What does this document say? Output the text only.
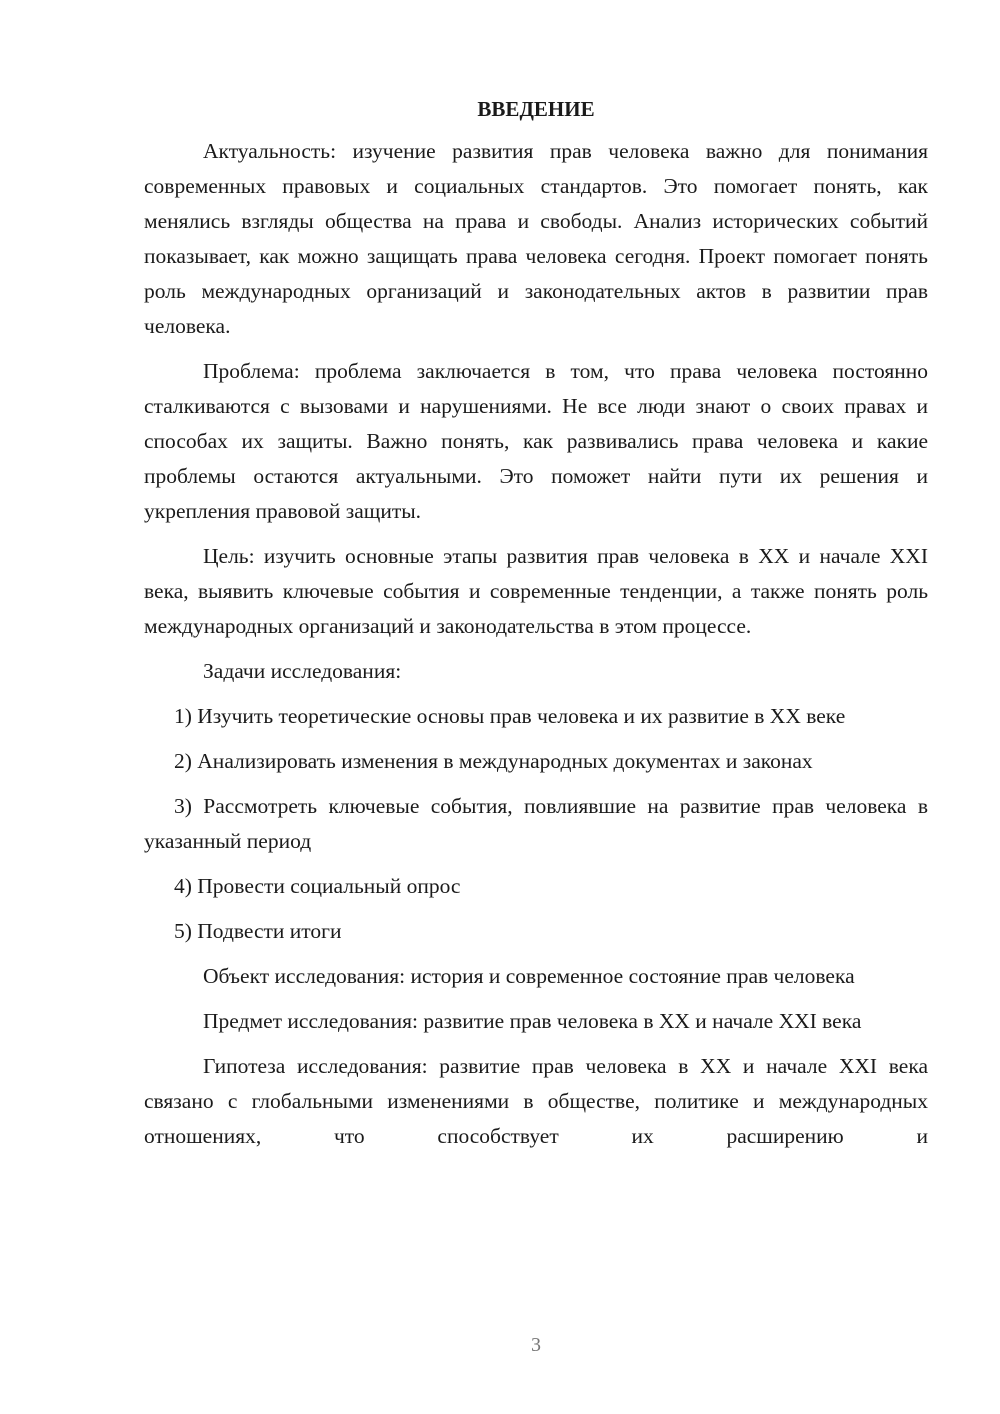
ВВЕДЕНИЕ

Актуальность: изучение развития прав человека важно для понимания современных правовых и социальных стандартов. Это помогает понять, как менялись взгляды общества на права и свободы. Анализ исторических событий показывает, как можно защищать права человека сегодня. Проект помогает понять роль международных организаций и законодательных актов в развитии прав человека.

Проблема: проблема заключается в том, что права человека постоянно сталкиваются с вызовами и нарушениями. Не все люди знают о своих правах и способах их защиты. Важно понять, как развивались права человека и какие проблемы остаются актуальными. Это поможет найти пути их решения и укрепления правовой защиты.

Цель: изучить основные этапы развития прав человека в XX и начале XXI века, выявить ключевые события и современные тенденции, а также понять роль международных организаций и законодательства в этом процессе.

Задачи исследования:

1) Изучить теоретические основы прав человека и их развитие в XX веке

2) Анализировать изменения в международных документах и законах

3) Рассмотреть ключевые события, повлиявшие на развитие прав человека в указанный период

4) Провести социальный опрос

5) Подвести итоги

Объект исследования: история и современное состояние прав человека

Предмет исследования: развитие прав человека в XX и начале XXI века

Гипотеза исследования: развитие прав человека в XX и начале XXI века связано с глобальными изменениями в обществе, политике и международных отношениях, что способствует их расширению и

3
